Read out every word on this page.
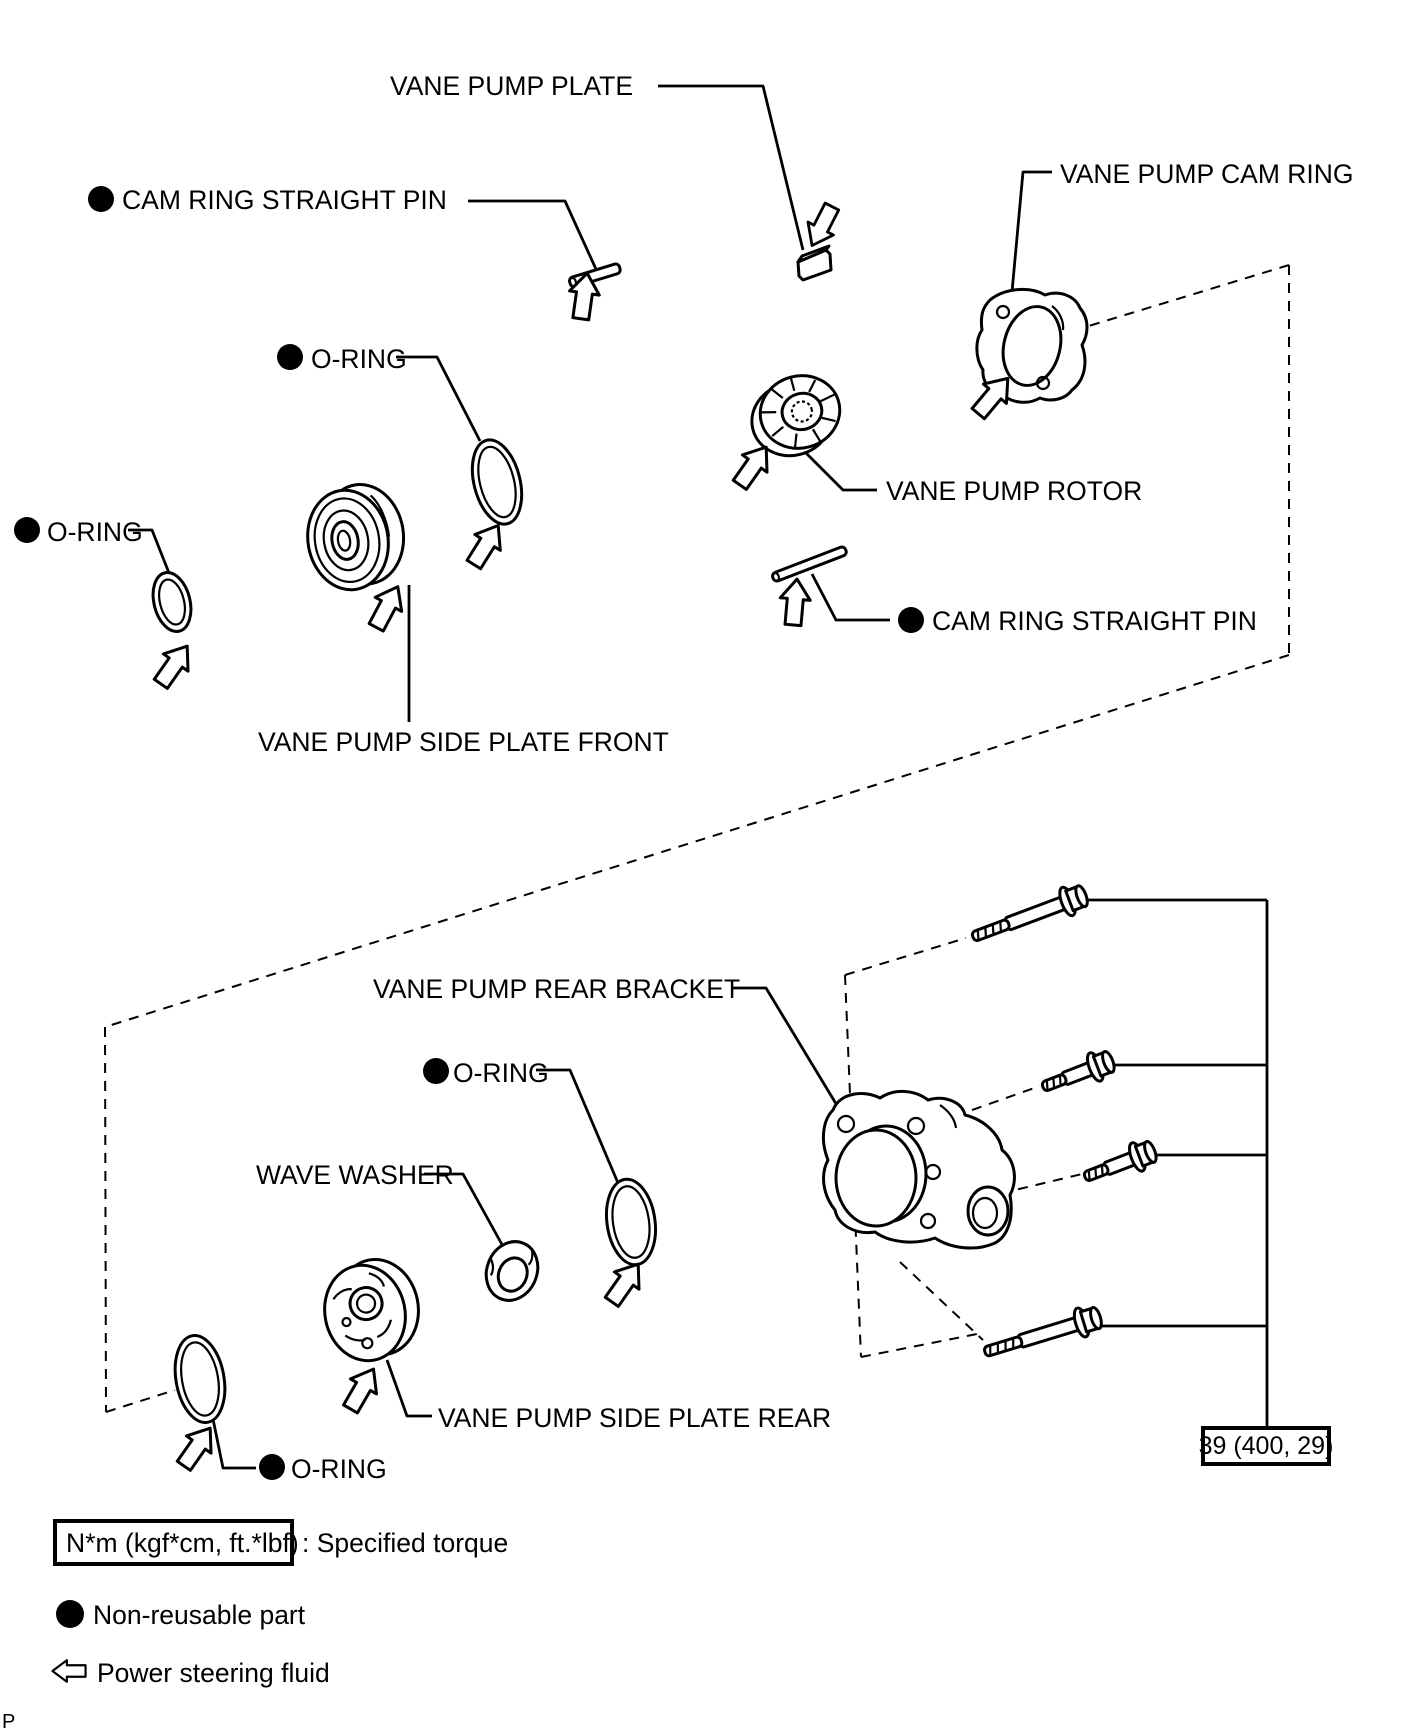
VANE PUMP PLATE
CAM RING STRAIGHT PIN
VANE PUMP CAM RING
O-RING
O-RING
VANE PUMP ROTOR
CAM RING STRAIGHT PIN
VANE PUMP SIDE PLATE FRONT
VANE PUMP REAR BRACKET
O-RING
WAVE WASHER
VANE PUMP SIDE PLATE REAR
O-RING
39 (400, 29)
N*m (kgf*cm, ft.*lbf) : Specified torque
Non-reusable part
Power steering fluid
P
